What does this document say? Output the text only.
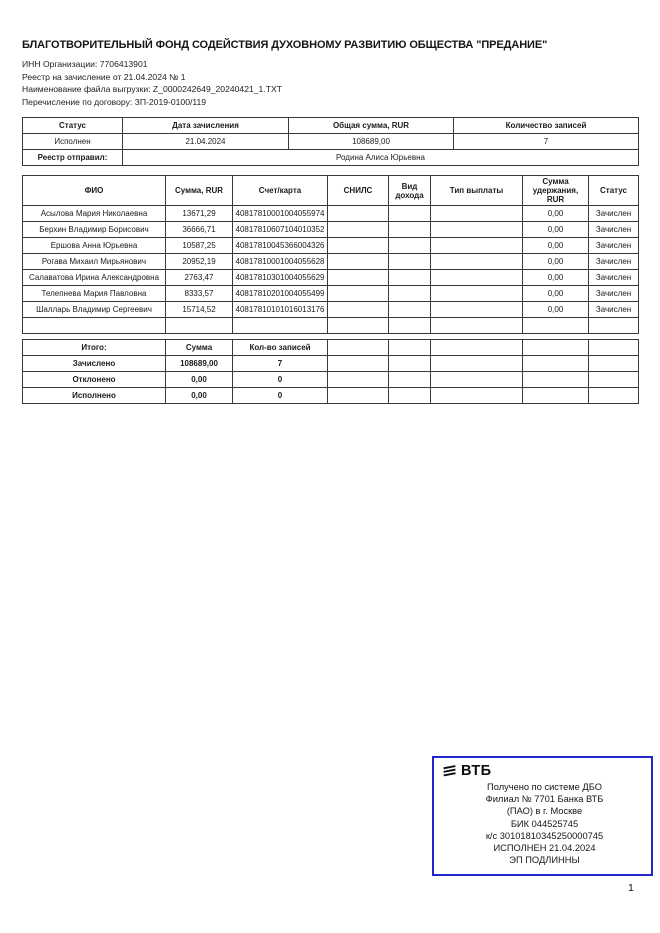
БЛАГОТВОРИТЕЛЬНЫЙ ФОНД СОДЕЙСТВИЯ ДУХОВНОМУ РАЗВИТИЮ ОБЩЕСТВА "ПРЕДАНИЕ"
ИНН Организации: 7706413901
Реестр на зачисление от 21.04.2024 № 1
Наименование файла выгрузки: Z_0000242649_20240421_1.TXT
Перечисление по договору: ЗП-2019-0100/119
Статус	Дата зачисления	Общая сумма, RUR	Количество записей
Исполнен	21.04.2024	108689,00	7
Реестр отправил:	Родина Алиса Юрьевна		
ФИО	Сумма, RUR	Счет/карта	СНИЛС	Вид дохода	Тип выплаты	Сумма удержания, RUR	Статус
Асылова Мария Николаевна	13671,29	40817810001004055974				0,00	Зачислен
Берхин Владимир Борисович	36666,71	40817810607104010352				0,00	Зачислен
Ершова Анна Юрьевна	10587,25	40817810045366004326				0,00	Зачислен
Рогава Михаил Мирьянович	20952,19	40817810001004055628				0,00	Зачислен
Салаватова Ирина Александровна	2763,47	40817810301004055629				0,00	Зачислен
Телепнева Мария Павловна	8333,57	40817810201004055499				0,00	Зачислен
Шалларь Владимир Сергеевич	15714,52	40817810101016013176				0,00	Зачислен

Итого:	Сумма	Кол-во записей					
Зачислено	108689,00	7					
Отклонено	0,00	0					
Исполнено	0,00	0					
ВТБ
Получено по системе ДБО
Филиал № 7701 Банка ВТБ
(ПАО) в г. Москве
БИК 044525745
к/с 30101810345250000745
ИСПОЛНЕН 21.04.2024
ЭП ПОДЛИННЫ
1
